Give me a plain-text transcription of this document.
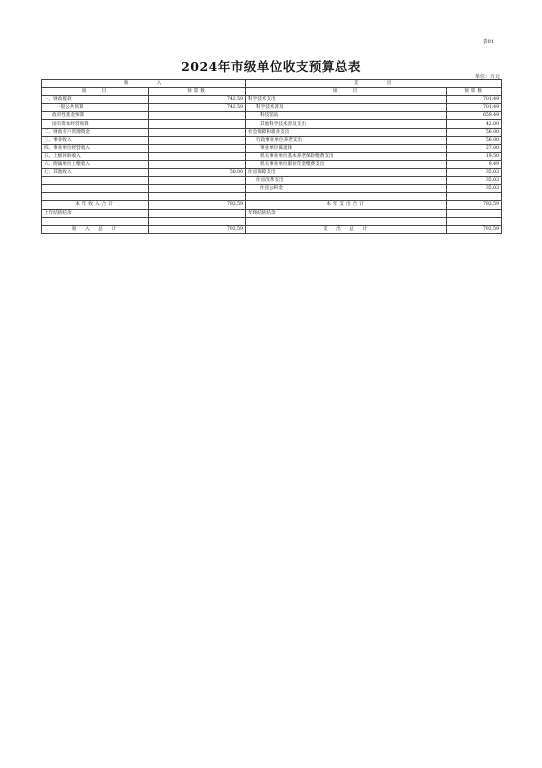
表01
2024年市级单位收支预算总表
单位：万元
收　　　　入		支　　　　出	
项　　目	预算数	项　　目	预算数
一、财政拨款	742.59	科学技术支出	701.49
一般公共预算	742.59	科学技术普及	701.49
政府性基金预算		科技馆站	659.49
国有资本经营预算		其他科学技术普及支出	42.00
二、财政专户管理资金		社会保障和就业支出	56.00
三、事业收入		行政事业单位养老支出	56.00
四、事业单位经营收入		事业单位离退休	27.00
五、上级补助收入		机关事业单位基本养老保险缴费支出	19.50
六、附属单位上缴收入		机关事业单位职业年金缴费支出	9.49
七、其他收入	50.00	住房保障支出	35.03
		住房改革支出	35.03
		住房公积金	35.03

本年收入合计	792.59	本年支出合计	792.59
上年结转结余		年终结转结余	

收　入　总　计	792.59	支　出　总　计	792.59
